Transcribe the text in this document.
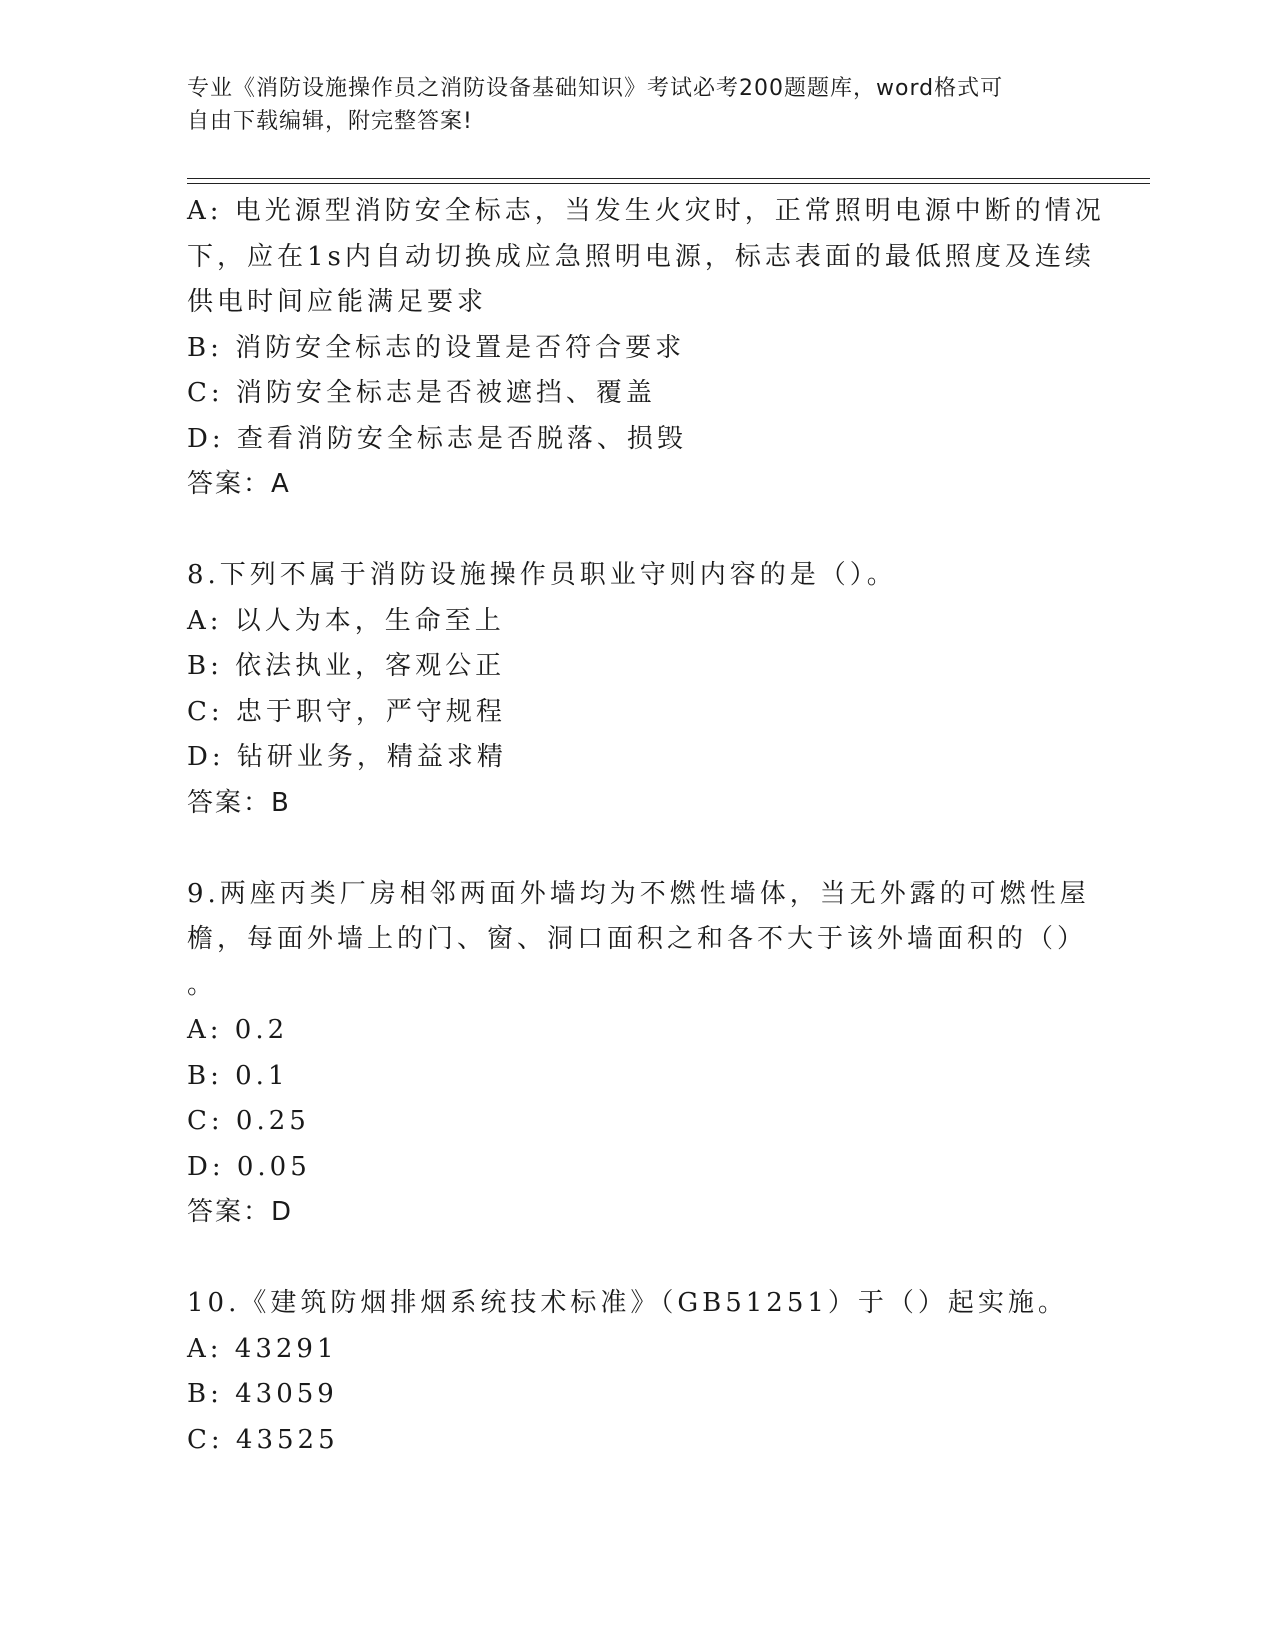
专业《消防设施操作员之消防设备基础知识》考试必考200题题库，word格式可
自由下载编辑，附完整答案!
A: 电光源型消防安全标志，当发生火灾时，正常照明电源中断的情况
下，应在1s内自动切换成应急照明电源，标志表面的最低照度及连续
供电时间应能满足要求
B: 消防安全标志的设置是否符合要求
C: 消防安全标志是否被遮挡、覆盖
D: 查看消防安全标志是否脱落、损毁
答案：A
8.下列不属于消防设施操作员职业守则内容的是（）。
A: 以人为本，生命至上
B: 依法执业，客观公正
C: 忠于职守，严守规程
D: 钻研业务，精益求精
答案：B
9.两座丙类厂房相邻两面外墙均为不燃性墙体，当无外露的可燃性屋
檐，每面外墙上的门、窗、洞口面积之和各不大于该外墙面积的（）
。
A: 0.2
B: 0.1
C: 0.25
D: 0.05
答案：D
10.《建筑防烟排烟系统技术标准》（GB51251）于（）起实施。
A: 43291
B: 43059
C: 43525
